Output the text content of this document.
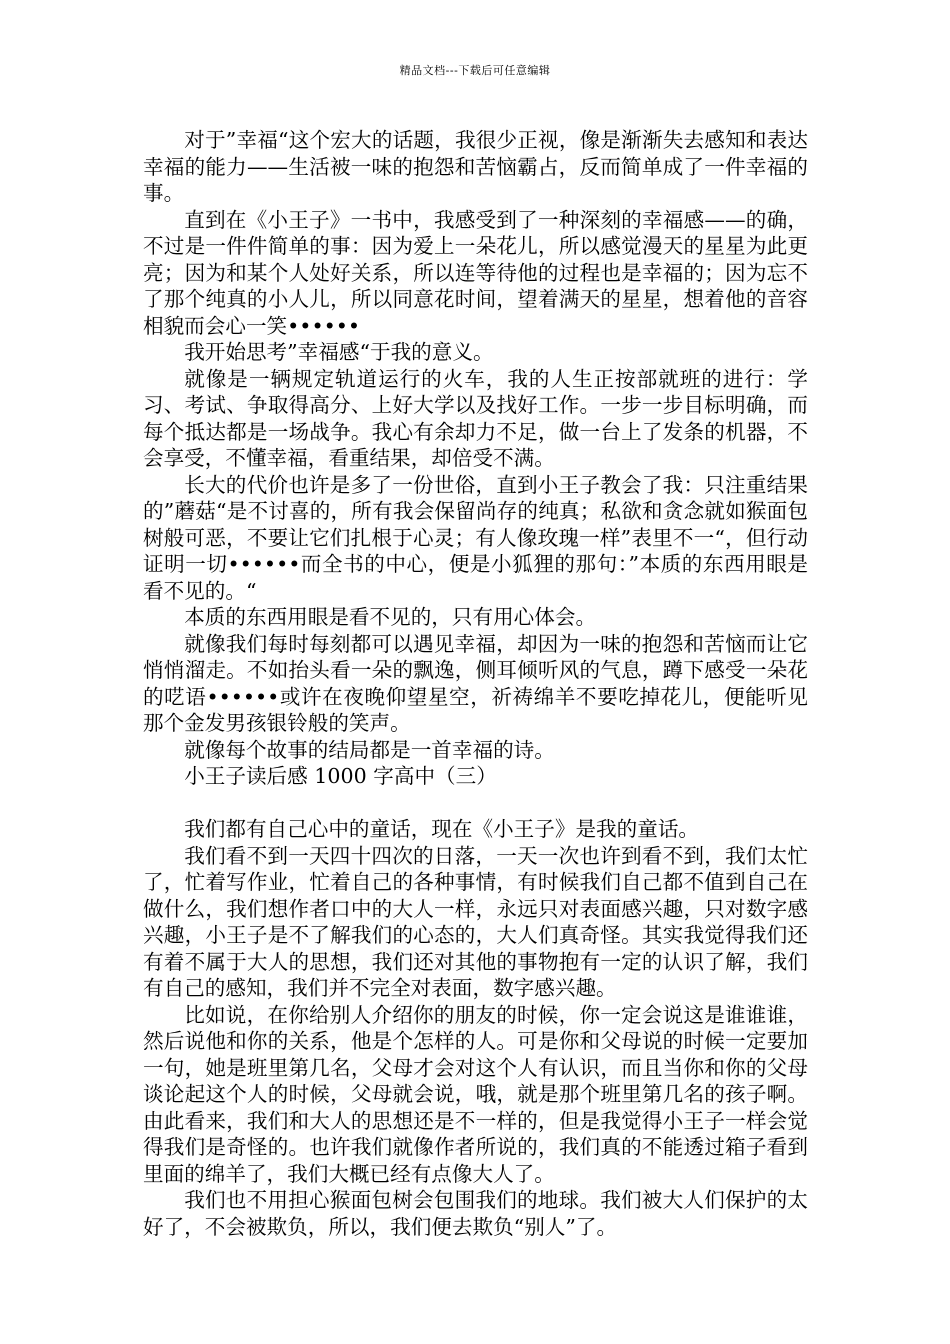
精品文档---下载后可任意编辑

对于”幸福“这个宏大的话题，我很少正视，像是渐渐失去感知和表达幸福的能力——生活被一味的抱怨和苦恼霸占，反而简单成了一件幸福的事。

直到在《小王子》一书中，我感受到了一种深刻的幸福感——的确，不过是一件件简单的事：因为爱上一朵花儿，所以感觉漫天的星星为此更亮；因为和某个人处好关系，所以连等待他的过程也是幸福的；因为忘不了那个纯真的小人儿，所以同意花时间，望着满天的星星，想着他的音容相貌而会心一笑••••••

我开始思考”幸福感“于我的意义。

就像是一辆规定轨道运行的火车，我的人生正按部就班的进行：学习、考试、争取得高分、上好大学以及找好工作。一步一步目标明确，而每个抵达都是一场战争。我心有余却力不足，做一台上了发条的机器，不会享受，不懂幸福，看重结果，却倍受不满。

长大的代价也许是多了一份世俗，直到小王子教会了我：只注重结果的”蘑菇“是不讨喜的，所有我会保留尚存的纯真；私欲和贪念就如猴面包树般可恶，不要让它们扎根于心灵；有人像玫瑰一样”表里不一“，但行动证明一切••••••而全书的中心，便是小狐狸的那句：”本质的东西用眼是看不见的。“

本质的东西用眼是看不见的，只有用心体会。

就像我们每时每刻都可以遇见幸福，却因为一味的抱怨和苦恼而让它悄悄溜走。不如抬头看一朵的飘逸，侧耳倾听风的气息，蹲下感受一朵花的呓语••••••或许在夜晚仰望星空，祈祷绵羊不要吃掉花儿，便能听见那个金发男孩银铃般的笑声。

就像每个故事的结局都是一首幸福的诗。

小王子读后感 1000 字高中（三）

我们都有自己心中的童话，现在《小王子》是我的童话。

我们看不到一天四十四次的日落，一天一次也许到看不到，我们太忙了，忙着写作业，忙着自己的各种事情，有时候我们自己都不值到自己在做什么，我们想作者口中的大人一样，永远只对表面感兴趣，只对数字感兴趣，小王子是不了解我们的心态的，大人们真奇怪。其实我觉得我们还有着不属于大人的思想，我们还对其他的事物抱有一定的认识了解，我们有自己的感知，我们并不完全对表面，数字感兴趣。

比如说，在你给别人介绍你的朋友的时候，你一定会说这是谁谁谁，然后说他和你的关系，他是个怎样的人。可是你和父母说的时候一定要加一句，她是班里第几名，父母才会对这个人有认识，而且当你和你的父母谈论起这个人的时候，父母就会说，哦，就是那个班里第几名的孩子啊。由此看来，我们和大人的思想还是不一样的，但是我觉得小王子一样会觉得我们是奇怪的。也许我们就像作者所说的，我们真的不能透过箱子看到里面的绵羊了，我们大概已经有点像大人了。

我们也不用担心猴面包树会包围我们的地球。我们被大人们保护的太好了，不会被欺负，所以，我们便去欺负“别人”了。
